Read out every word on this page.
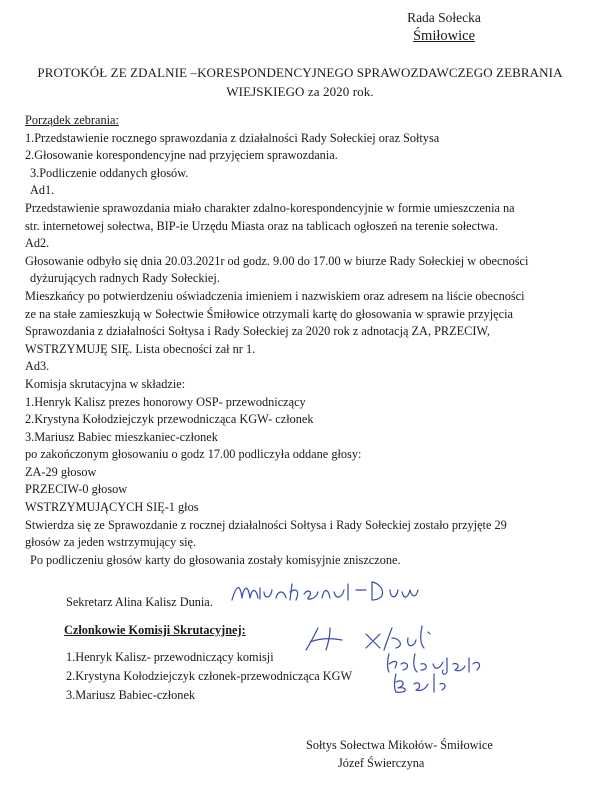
Rada Sołecka
Śmiłowice
PROTOKÓŁ ZE ZDALNIE –KORESPONDENCYJNEGO SPRAWOZDAWCZEGO ZEBRANIA
WIEJSKIEGO za 2020 rok.

Porządek zebrania:

1.Przedstawienie rocznego sprawozdania z działalności Rady Sołeckiej oraz Sołtysa

2.Głosowanie korespondencyjne nad przyjęciem sprawozdania.

3.Podliczenie oddanych głosów.

Ad1.

Przedstawienie sprawozdania miało charakter zdalno-korespondencyjnie w formie umieszczenia na

str. internetowej sołectwa, BIP-ie Urzędu Miasta oraz na tablicach ogłoszeń na terenie sołectwa.

Ad2.

Głosowanie odbyło się dnia 20.03.2021r od godz. 9.00 do 17.00 w biurze Rady Sołeckiej w obecności

dyżurujących radnych Rady Sołeckiej.

Mieszkańcy po potwierdzeniu oświadczenia imieniem i nazwiskiem oraz adresem na liście obecności

ze na stałe zamieszkują w Sołectwie Śmiłowice otrzymali kartę do głosowania w sprawie przyjęcia

Sprawozdania z działalności Sołtysa i Rady Sołeckiej za 2020 rok z adnotacją ZA, PRZECIW,

WSTRZYMUJĘ SIĘ. Lista obecności zał nr 1.

Ad3.

Komisja skrutacyjna w składzie:

1.Henryk Kalisz prezes honorowy OSP- przewodniczący

2.Krystyna Kołodziejczyk przewodnicząca KGW- członek

3.Mariusz Babiec mieszkaniec-członek

po zakończonym głosowaniu o godz 17.00 podliczyła oddane głosy:

ZA-29 głosow

PRZECIW-0 głosow

WSTRZYMUJĄCYCH SIĘ-1 głos

Stwierdza się ze Sprawozdanie z rocznej działalności Sołtysa i Rady Sołeckiej zostało przyjęte 29

głosów za jeden wstrzymujący się.

Po podliczeniu głosów karty do głosowania zostały komisyjnie zniszczone.

Sekretarz Alina Kalisz Dunia.
Członkowie Komisji Skrutacyjnej:

1.Henryk Kalisz- przewodniczący komisji

2.Krystyna Kołodziejczyk członek-przewodnicząca KGW

3.Mariusz Babiec-członek

Sołtys Sołectwa Mikołów- Śmiłowice

Józef Świerczyna
